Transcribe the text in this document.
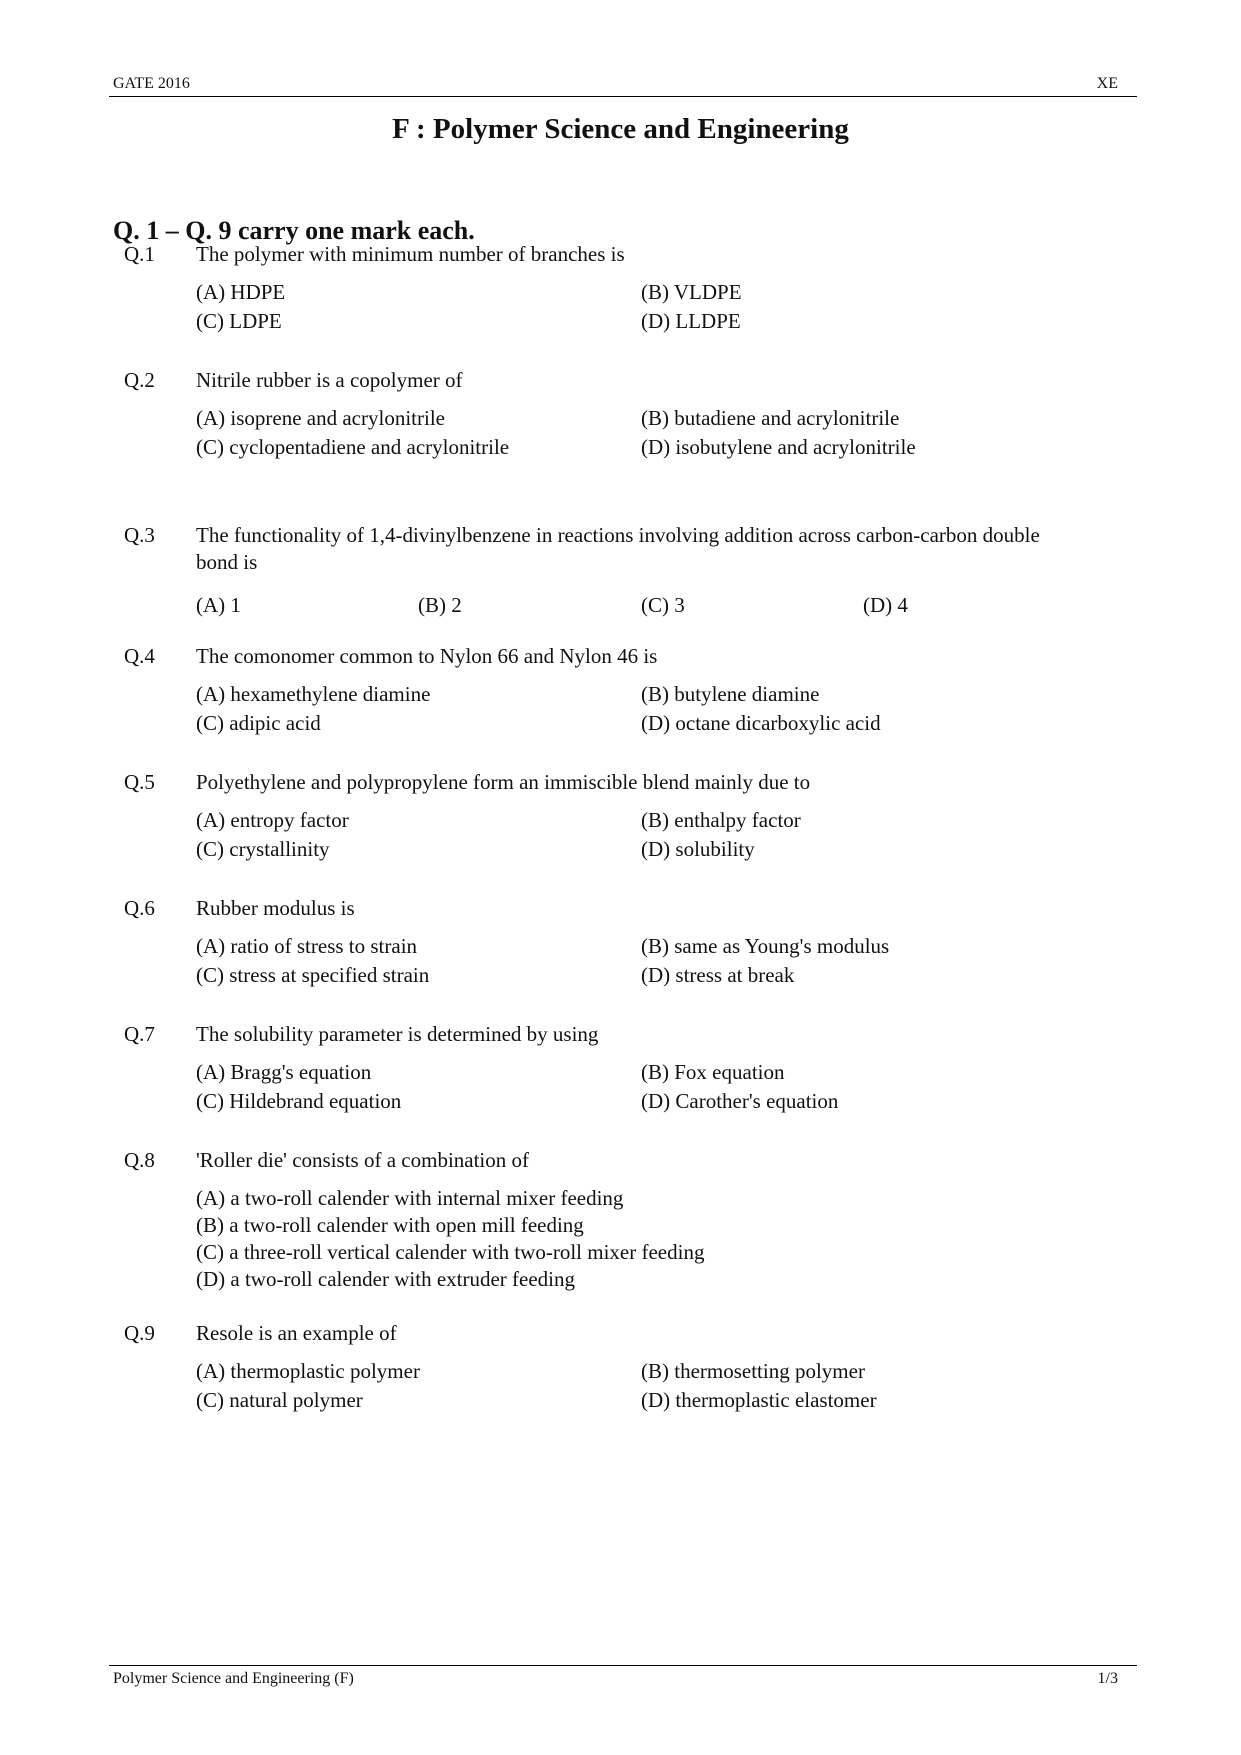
GATE 2016	XE
F : Polymer Science and Engineering
Q. 1 – Q. 9 carry one mark each.
Q.1 The polymer with minimum number of branches is
(A) HDPE	(B) VLDPE
(C) LDPE	(D) LLDPE
Q.2 Nitrile rubber is a copolymer of
(A) isoprene and acrylonitrile	(B) butadiene and acrylonitrile
(C) cyclopentadiene and acrylonitrile	(D) isobutylene and acrylonitrile
Q.3 The functionality of 1,4-divinylbenzene in reactions involving addition across carbon-carbon double bond is
(A) 1	(B) 2	(C) 3	(D) 4
Q.4 The comonomer common to Nylon 66 and Nylon 46 is
(A) hexamethylene diamine	(B) butylene diamine
(C) adipic acid	(D) octane dicarboxylic acid
Q.5 Polyethylene and polypropylene form an immiscible blend mainly due to
(A) entropy factor	(B) enthalpy factor
(C) crystallinity	(D) solubility
Q.6 Rubber modulus is
(A) ratio of stress to strain	(B) same as Young's modulus
(C) stress at specified strain	(D) stress at break
Q.7 The solubility parameter is determined by using
(A) Bragg's equation	(B) Fox equation
(C) Hildebrand equation	(D) Carother's equation
Q.8 'Roller die' consists of a combination of
(A) a two-roll calender with internal mixer feeding
(B) a two-roll calender with open mill feeding
(C) a three-roll vertical calender with two-roll mixer feeding
(D) a two-roll calender with extruder feeding
Q.9 Resole is an example of
(A) thermoplastic polymer	(B) thermosetting polymer
(C) natural polymer	(D) thermoplastic elastomer
Polymer Science and Engineering (F)	1/3
